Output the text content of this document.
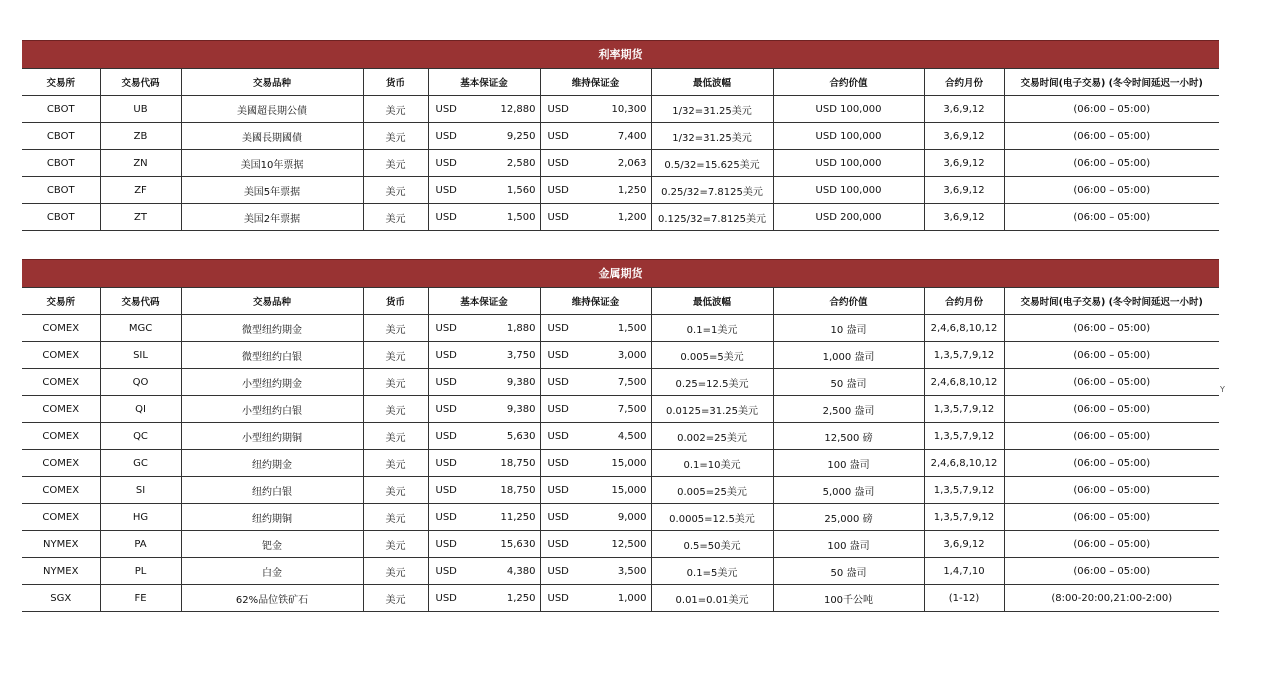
利率期货
交易所	交易代码	交易品种	货币	基本保证金	维持保证金	最低波幅	合约价值	合约月份	交易时间(电子交易) (冬令时间延迟一小时)
CBOT	UB	美國超長期公債	美元	USD 12,880	USD 10,300	1/32=31.25美元	USD 100,000	3,6,9,12	(06:00 – 05:00)
CBOT	ZB	美國長期國債	美元	USD 9,250	USD 7,400	1/32=31.25美元	USD 100,000	3,6,9,12	(06:00 – 05:00)
CBOT	ZN	美国10年票据	美元	USD 2,580	USD 2,063	0.5/32=15.625美元	USD 100,000	3,6,9,12	(06:00 – 05:00)
CBOT	ZF	美国5年票据	美元	USD 1,560	USD 1,250	0.25/32=7.8125美元	USD 100,000	3,6,9,12	(06:00 – 05:00)
CBOT	ZT	美国2年票据	美元	USD 1,500	USD 1,200	0.125/32=7.8125美元	USD 200,000	3,6,9,12	(06:00 – 05:00)
金属期货
交易所	交易代码	交易品种	货币	基本保证金	维持保证金	最低波幅	合约价值	合约月份	交易时间(电子交易) (冬令时间延迟一小时)
COMEX	MGC	微型纽约期金	美元	USD 1,880	USD 1,500	0.1=1美元	10 盎司	2,4,6,8,10,12	(06:00 – 05:00)
COMEX	SIL	微型纽约白银	美元	USD 3,750	USD 3,000	0.005=5美元	1,000 盎司	1,3,5,7,9,12	(06:00 – 05:00)
COMEX	QO	小型纽约期金	美元	USD 9,380	USD 7,500	0.25=12.5美元	50 盎司	2,4,6,8,10,12	(06:00 – 05:00)
COMEX	QI	小型纽约白银	美元	USD 9,380	USD 7,500	0.0125=31.25美元	2,500 盎司	1,3,5,7,9,12	(06:00 – 05:00)
COMEX	QC	小型纽约期铜	美元	USD 5,630	USD 4,500	0.002=25美元	12,500 磅	1,3,5,7,9,12	(06:00 – 05:00)
COMEX	GC	纽约期金	美元	USD 18,750	USD 15,000	0.1=10美元	100 盎司	2,4,6,8,10,12	(06:00 – 05:00)
COMEX	SI	纽约白银	美元	USD 18,750	USD 15,000	0.005=25美元	5,000 盎司	1,3,5,7,9,12	(06:00 – 05:00)
COMEX	HG	纽约期铜	美元	USD 11,250	USD 9,000	0.0005=12.5美元	25,000 磅	1,3,5,7,9,12	(06:00 – 05:00)
NYMEX	PA	钯金	美元	USD 15,630	USD 12,500	0.5=50美元	100 盎司	3,6,9,12	(06:00 – 05:00)
NYMEX	PL	白金	美元	USD 4,380	USD 3,500	0.1=5美元	50 盎司	1,4,7,10	(06:00 – 05:00)
SGX	FE	62%品位铁矿石	美元	USD 1,250	USD 1,000	0.01=0.01美元	100千公吨	(1-12)	(8:00-20:00,21:00-2:00)
Y
